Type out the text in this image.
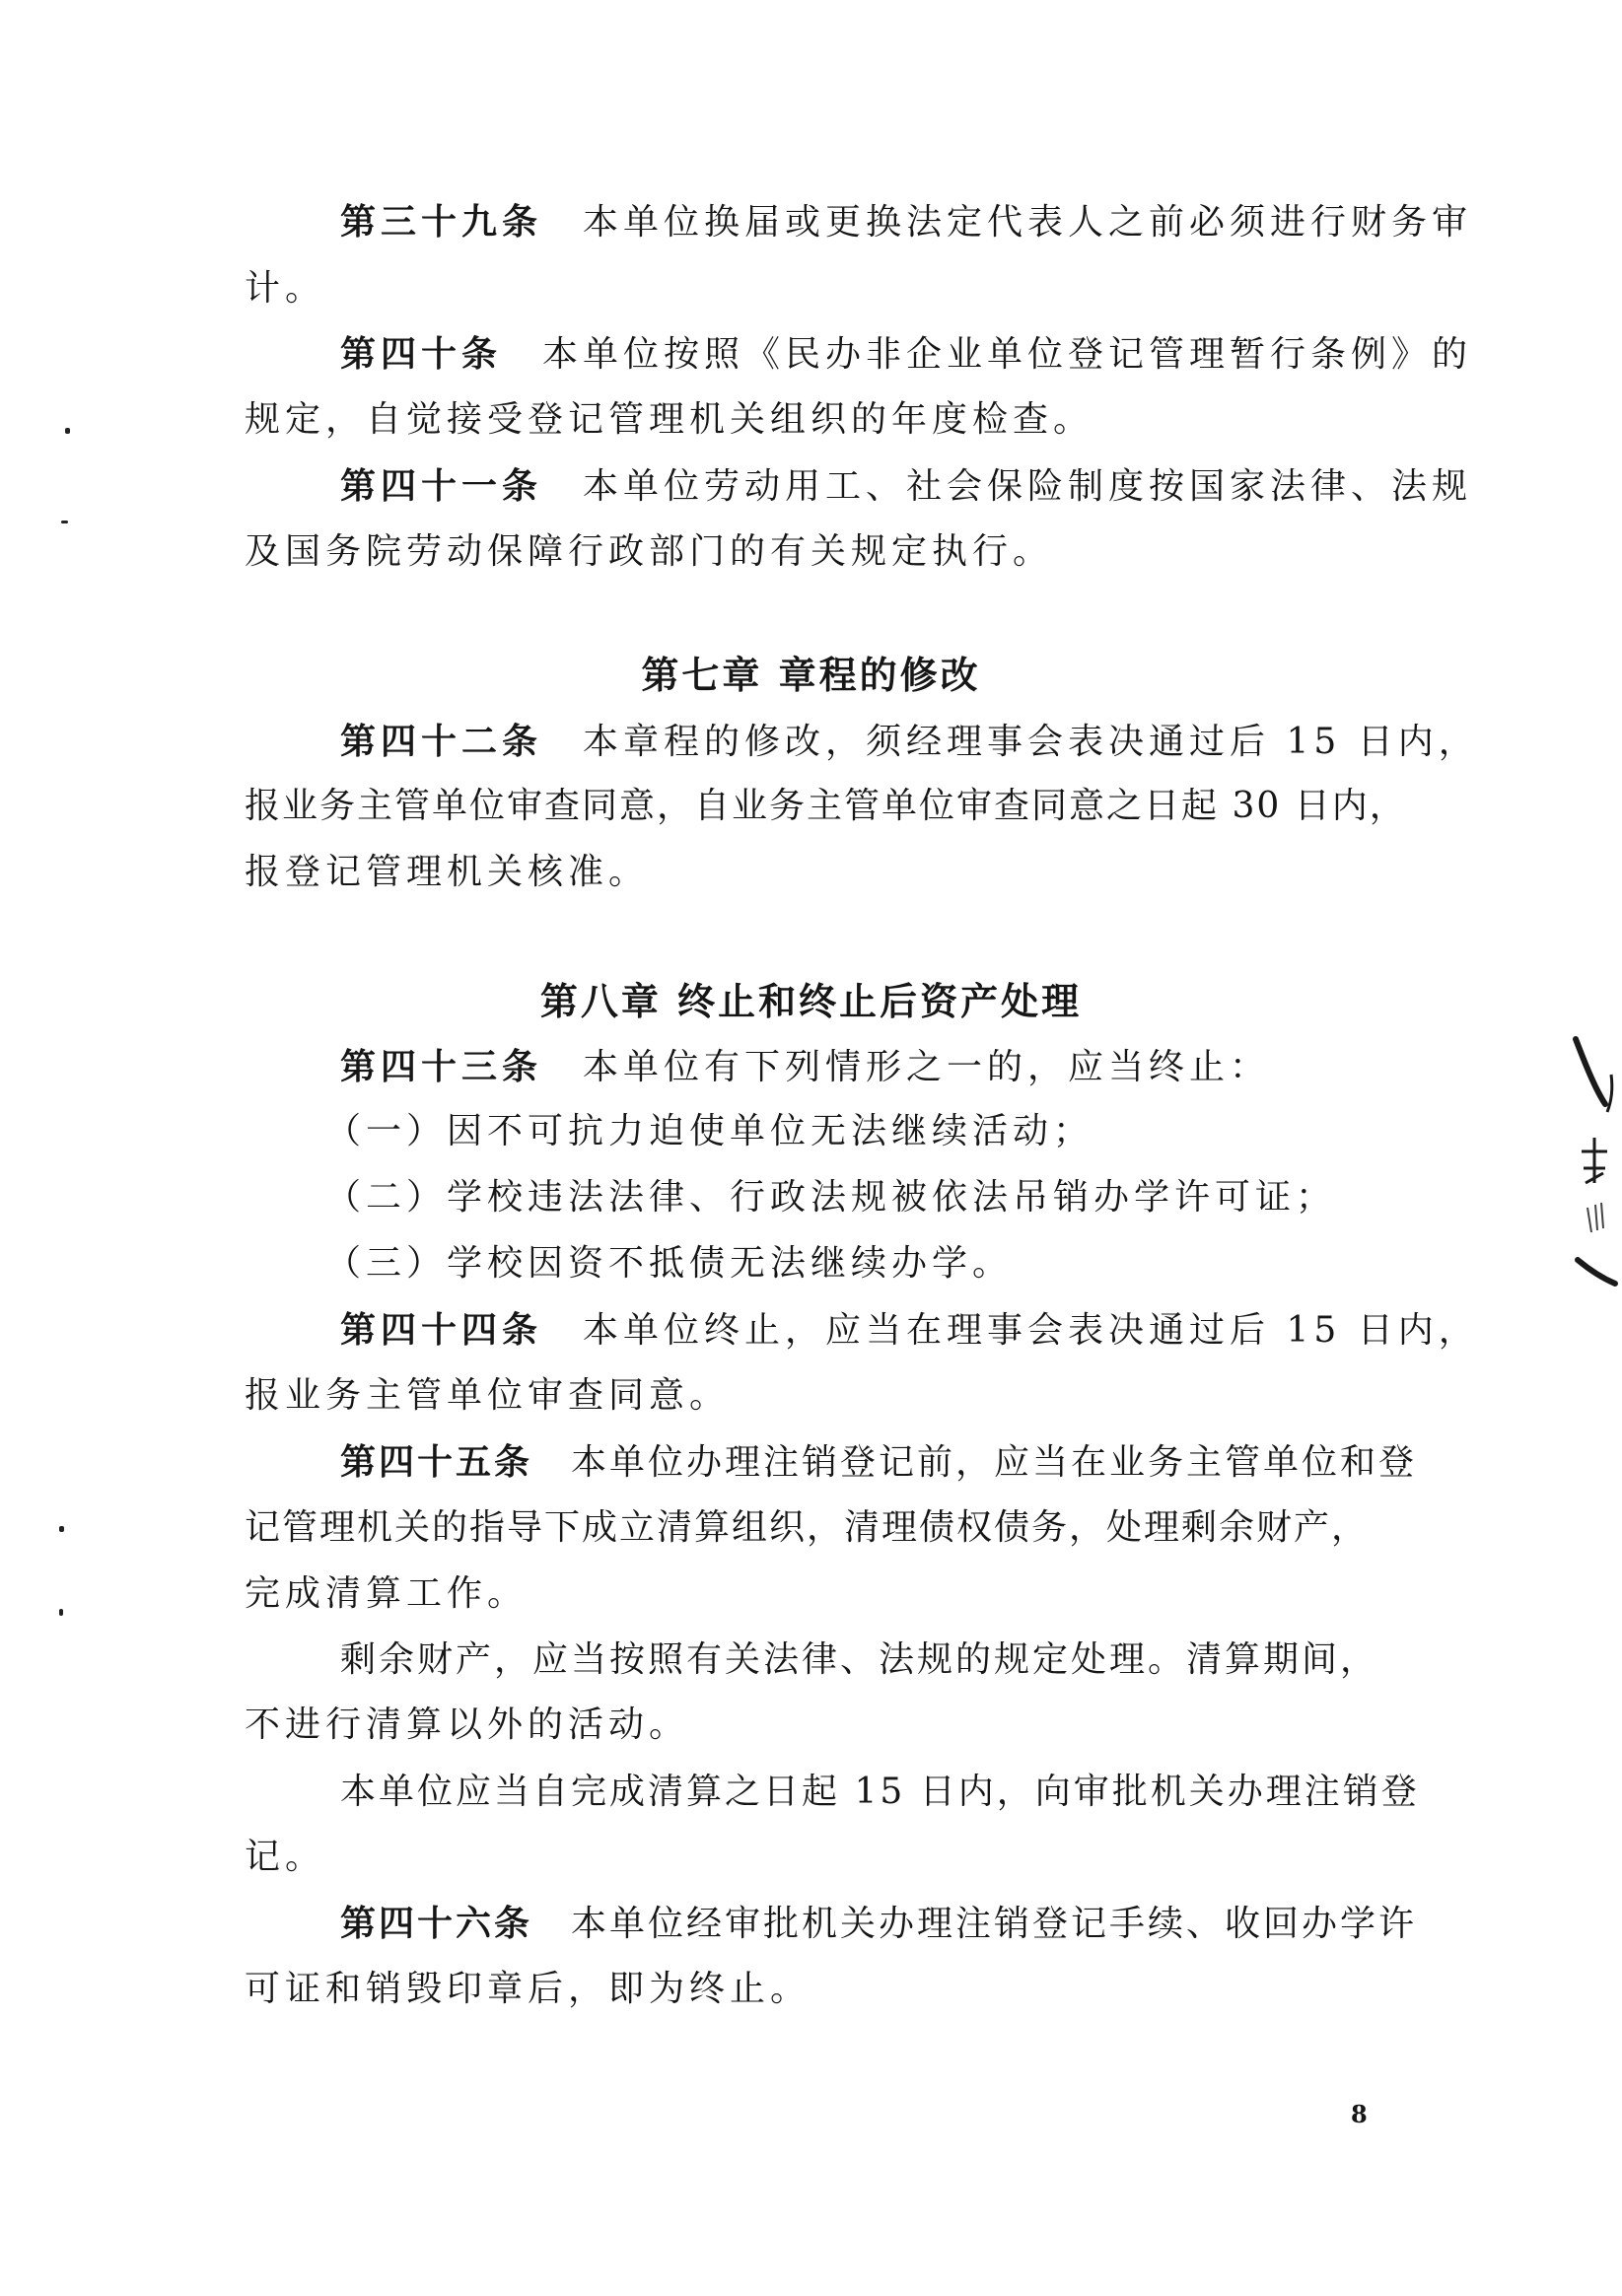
第三十九条　 本单位换届或更换法定代表人之前必须进行财务审
计。
第四十条　 本单位按照《民办非企业单位登记管理暂行条例》的
规定，自觉接受登记管理机关组织的年度检查。
第四十一条　 本单位劳动用工、社会保险制度按国家法律、法规
及国务院劳动保障行政部门的有关规定执行。
第七章 章程的修改
第四十二条　 本章程的修改，须经理事会表决通过后 15 日内，
报业务主管单位审查同意，自业务主管单位审查同意之日起 30 日内，
报登记管理机关核准。
第八章 终止和终止后资产处理
第四十三条　 本单位有下列情形之一的，应当终止：
（一）因不可抗力迫使单位无法继续活动；
（二）学校违法法律、行政法规被依法吊销办学许可证；
（三）学校因资不抵债无法继续办学。
第四十四条　 本单位终止，应当在理事会表决通过后 15 日内，
报业务主管单位审查同意。
第四十五条　 本单位办理注销登记前，应当在业务主管单位和登
记管理机关的指导下成立清算组织，清理债权债务，处理剩余财产，
完成清算工作。
剩余财产，应当按照有关法律、法规的规定处理。清算期间，
不进行清算以外的活动。
本单位应当自完成清算之日起 15 日内，向审批机关办理注销登
记。
第四十六条　 本单位经审批机关办理注销登记手续、收回办学许
可证和销毁印章后，即为终止。
8
